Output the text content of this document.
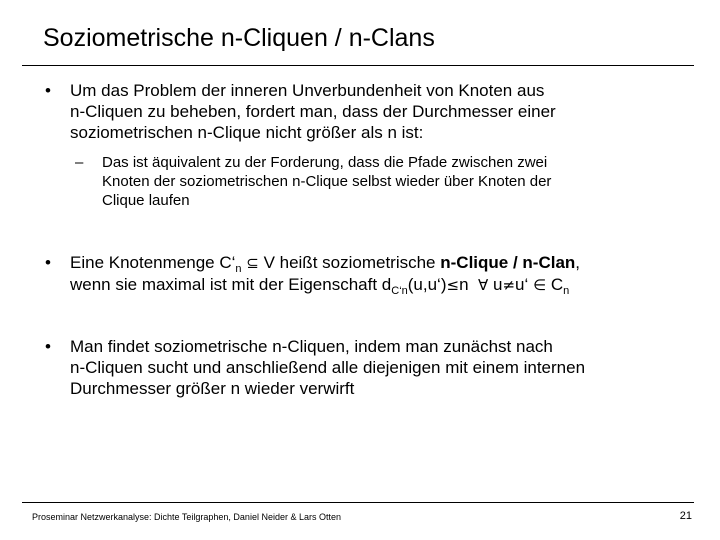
Soziometrische n-Cliquen / n-Clans
• Um das Problem der inneren Unverbundenheit von Knoten aus
n-Cliquen zu beheben, fordert man, dass der Durchmesser einer
soziometrischen n-Clique nicht größer als n ist:
– Das ist äquivalent zu der Forderung, dass die Pfade zwischen zwei
Knoten der soziometrischen n-Clique selbst wieder über Knoten der
Clique laufen
• Eine Knotenmenge $C‘_n$ ⊆ V heißt soziometrische n-Clique / n-Clan,
wenn sie maximal ist mit der Eigenschaft $d_{C‘n}(u,u‘)\le n$ ∀ u≠u‘ ∈ $C_n$
• Man findet soziometrische n-Cliquen, indem man zunächst nach
n-Cliquen sucht und anschließend alle diejenigen mit einem internen
Durchmesser größer n wieder verwirft
Proseminar Netzwerkanalyse: Dichte Teilgraphen, Daniel Neider & Lars Otten	21
